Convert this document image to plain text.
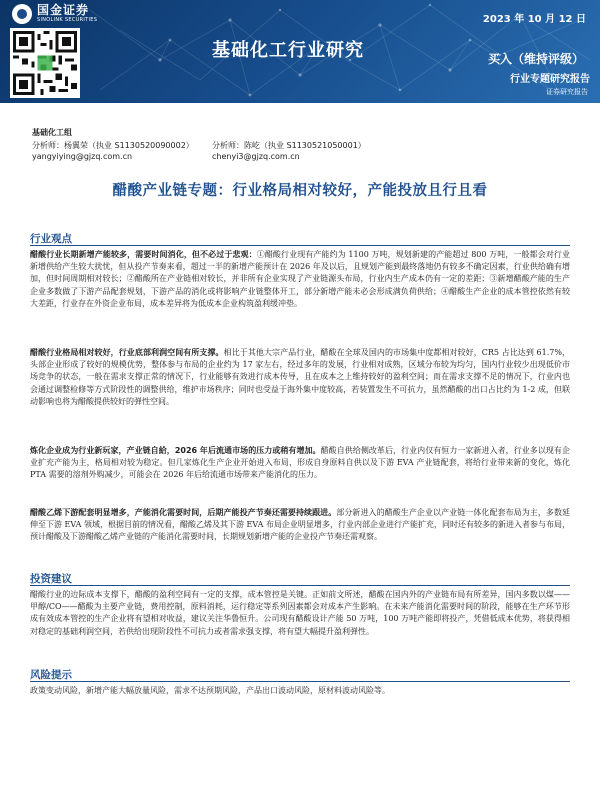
国金证券
SINOLINK SECURITIES	2023 年 10 月 12 日
基础化工行业研究	买入（维持评级）
行业专题研究报告
证券研究报告
基础化工组
分析师：杨翼荣（执业 S1130520090002）
yangyiying@gjzq.com.cn
分析师：陈屹（执业 S1130521050001）
chenyi3@gjzq.com.cn
醋酸产业链专题：行业格局相对较好，产能投放且行且看
行业观点
醋酸行业长期新增产能较多，需要时间消化，但不必过于悲观：①醋酸行业现有产能约为 1100 万吨，规划新建的产能超过 800 万吨，一般都会对行业新增供给产生较大扰忧，但从投产节奏来看，超过一半的新增产能预计在 2026 年及以后，且规划产能到最终落地仍有较多不确定因素，行业供给确有增加，但时间周期相对较长；②醋酸所在产业链相对较长，并非所有企业实现了产业链源头布局，行业内生产成本仍有一定的差距；③新增醋酸产能的生产企业多数做了下游产品配套规划，下游产品的消化或将影响产业链整体开工，部分新增产能未必会形成满负荷供给；④醋酸生产企业的成本管控依然有较大差距，行业存在外资企业布局，成本差异将为低成本企业构筑盈利缓冲垫。
醋酸行业格局相对较好，行业底部利润空间有所支撑。相比于其他大宗产品行业，醋酸在全球及国内的市场集中度都相对较好，CR5 占比达到 61.7%，头部企业形成了较好的规模优势，整体参与布局的企业约为 17 家左右，经过多年的发展，行业相对成熟，区域分布较为均匀，国内行业较少出现低价市场竞争的状态，一般在需求支撑正常的情况下，行业能够有效进行成本传导，且在成本之上维持较好的盈利空间；而在需求支撑不足的情况下，行业内也会通过调整检修等方式阶段性的调整供给，维护市场秩序；同时也受益于海外集中度较高，若装置发生不可抗力，虽然醋酸的出口占比约为 1-2 成，但联动影响也将为醋酸提供较好的弹性空间。
炼化企业成为行业新玩家，产业链自給，2026 年后流通市场的压力或稍有增加。醋酸自供给侧改革后，行业内仅有恒力一家新进入者，行业多以现有企业扩充产能为主，格局相对较为稳定。但几家炼化生产企业开始进入布局，形成自身原料自供以及下游 EVA 产业链配套，将给行业带来新的变化，炼化 PTA 需要的溶剂外购减少，可能会在 2026 年后给流通市场带来产能消化的压力。
醋酸乙烯下游配套明显增多，产能消化需要时间，后期产能投产节奏还需要持续跟进。部分新进入的醋酸生产企业以产业链一体化配套布局为主，多数延伸至下游 EVA 领域，根据目前的情况看，醋酸乙烯及其下游 EVA 布局企业明显增多，行业内部企业进行产能扩充，同时还有较多的新进入者参与布局，预计醋酸及下游醋酸乙烯产业链的产能消化需要时间，长期规划新增产能的企业投产节奏还需观察。
投资建议
醋酸行业的边际成本支撑下，醋酸的盈利空间有一定的支撑，成本管控是关键。正如前文所述，醋酸在国内外的产业链布局有所差异，国内多数以煤——甲醇/CO——醋酸为主要产业链，费用控制，原料消耗，运行稳定等系列因素都会对成本产生影响。在未来产能消化需要时间的阶段，能够在生产环节形成有效成本管控的生产企业将有望相对收益，建议关注华鲁恒升。公司现有醋酸设计产能 50 万吨，100 万吨产能即将投产，凭借低成本优势，将获得相对稳定的基础利润空间，若供给出现阶段性不可抗力或者需求强支撑，将有望大幅提升盈利弹性。
风险提示
政策变动风险，新增产能大幅放量风险，需求不达预期风险，产品出口波动风险，原材料波动风险等。
